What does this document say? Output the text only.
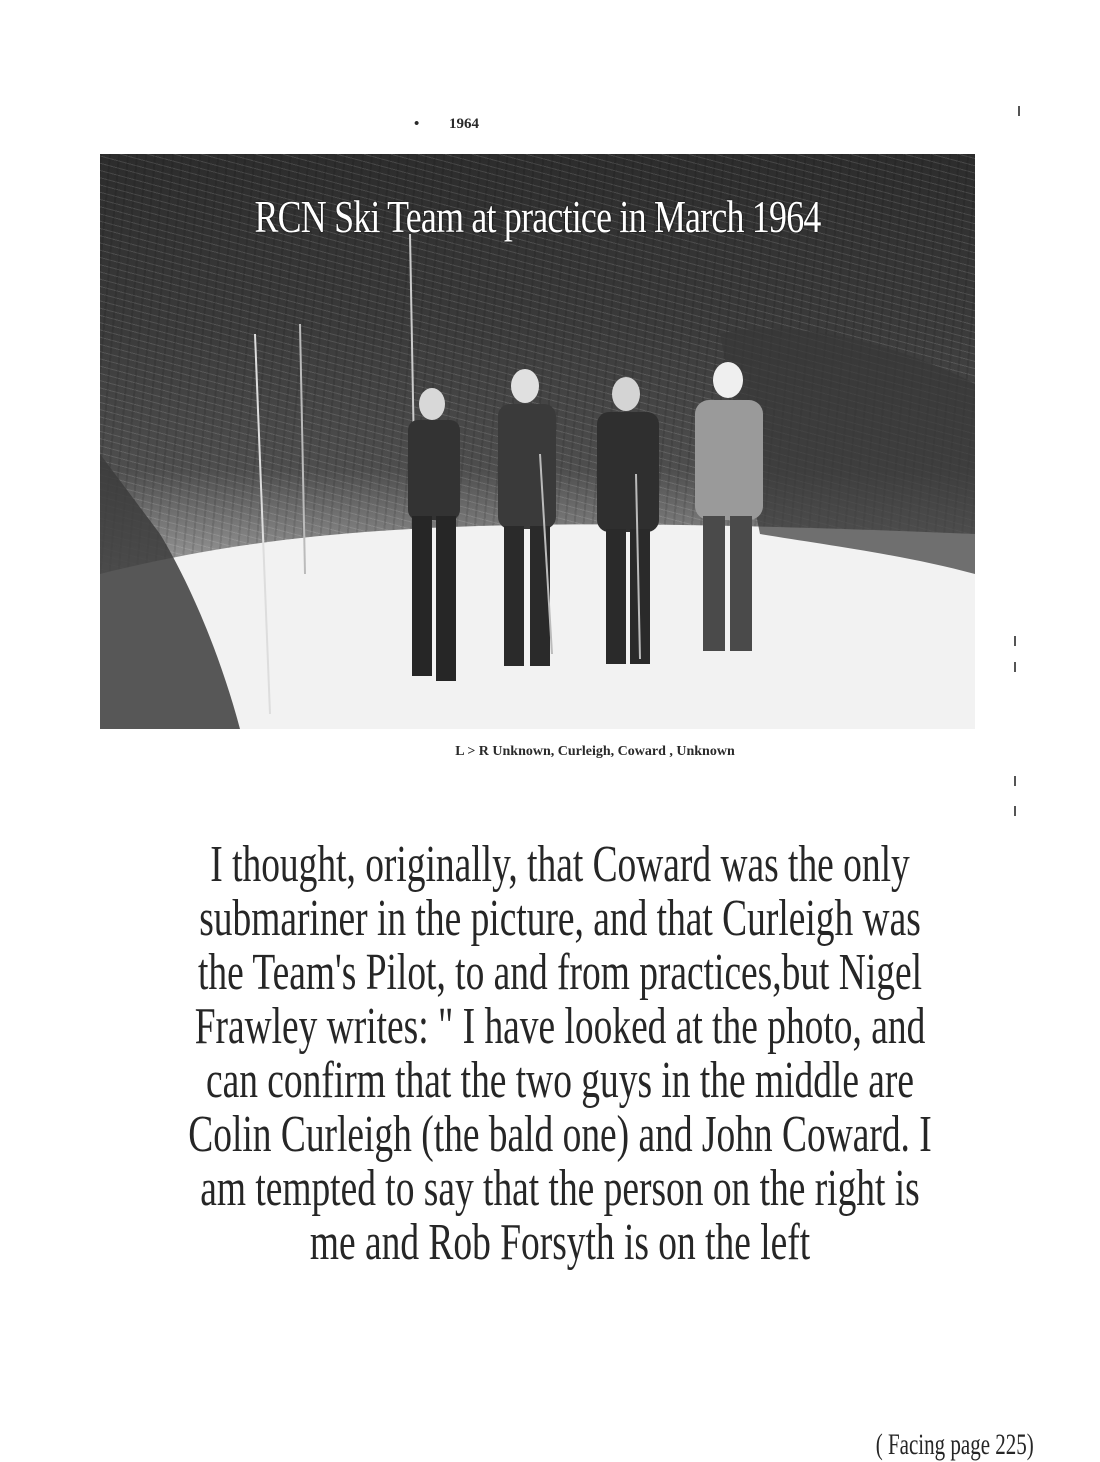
• 1964
RCN Ski Team at practice in March 1964
L > R Unknown, Curleigh, Coward , Unknown
I thought, originally, that Coward was the only
submariner in the picture, and that Curleigh was
the Team's Pilot, to and from practices,but Nigel
Frawley writes: " I have looked at the photo, and
can confirm that the two guys in the middle are
Colin Curleigh (the bald one) and John Coward. I
am tempted to say that the person on the right is
me and Rob Forsyth is on the left
( Facing page 225)
